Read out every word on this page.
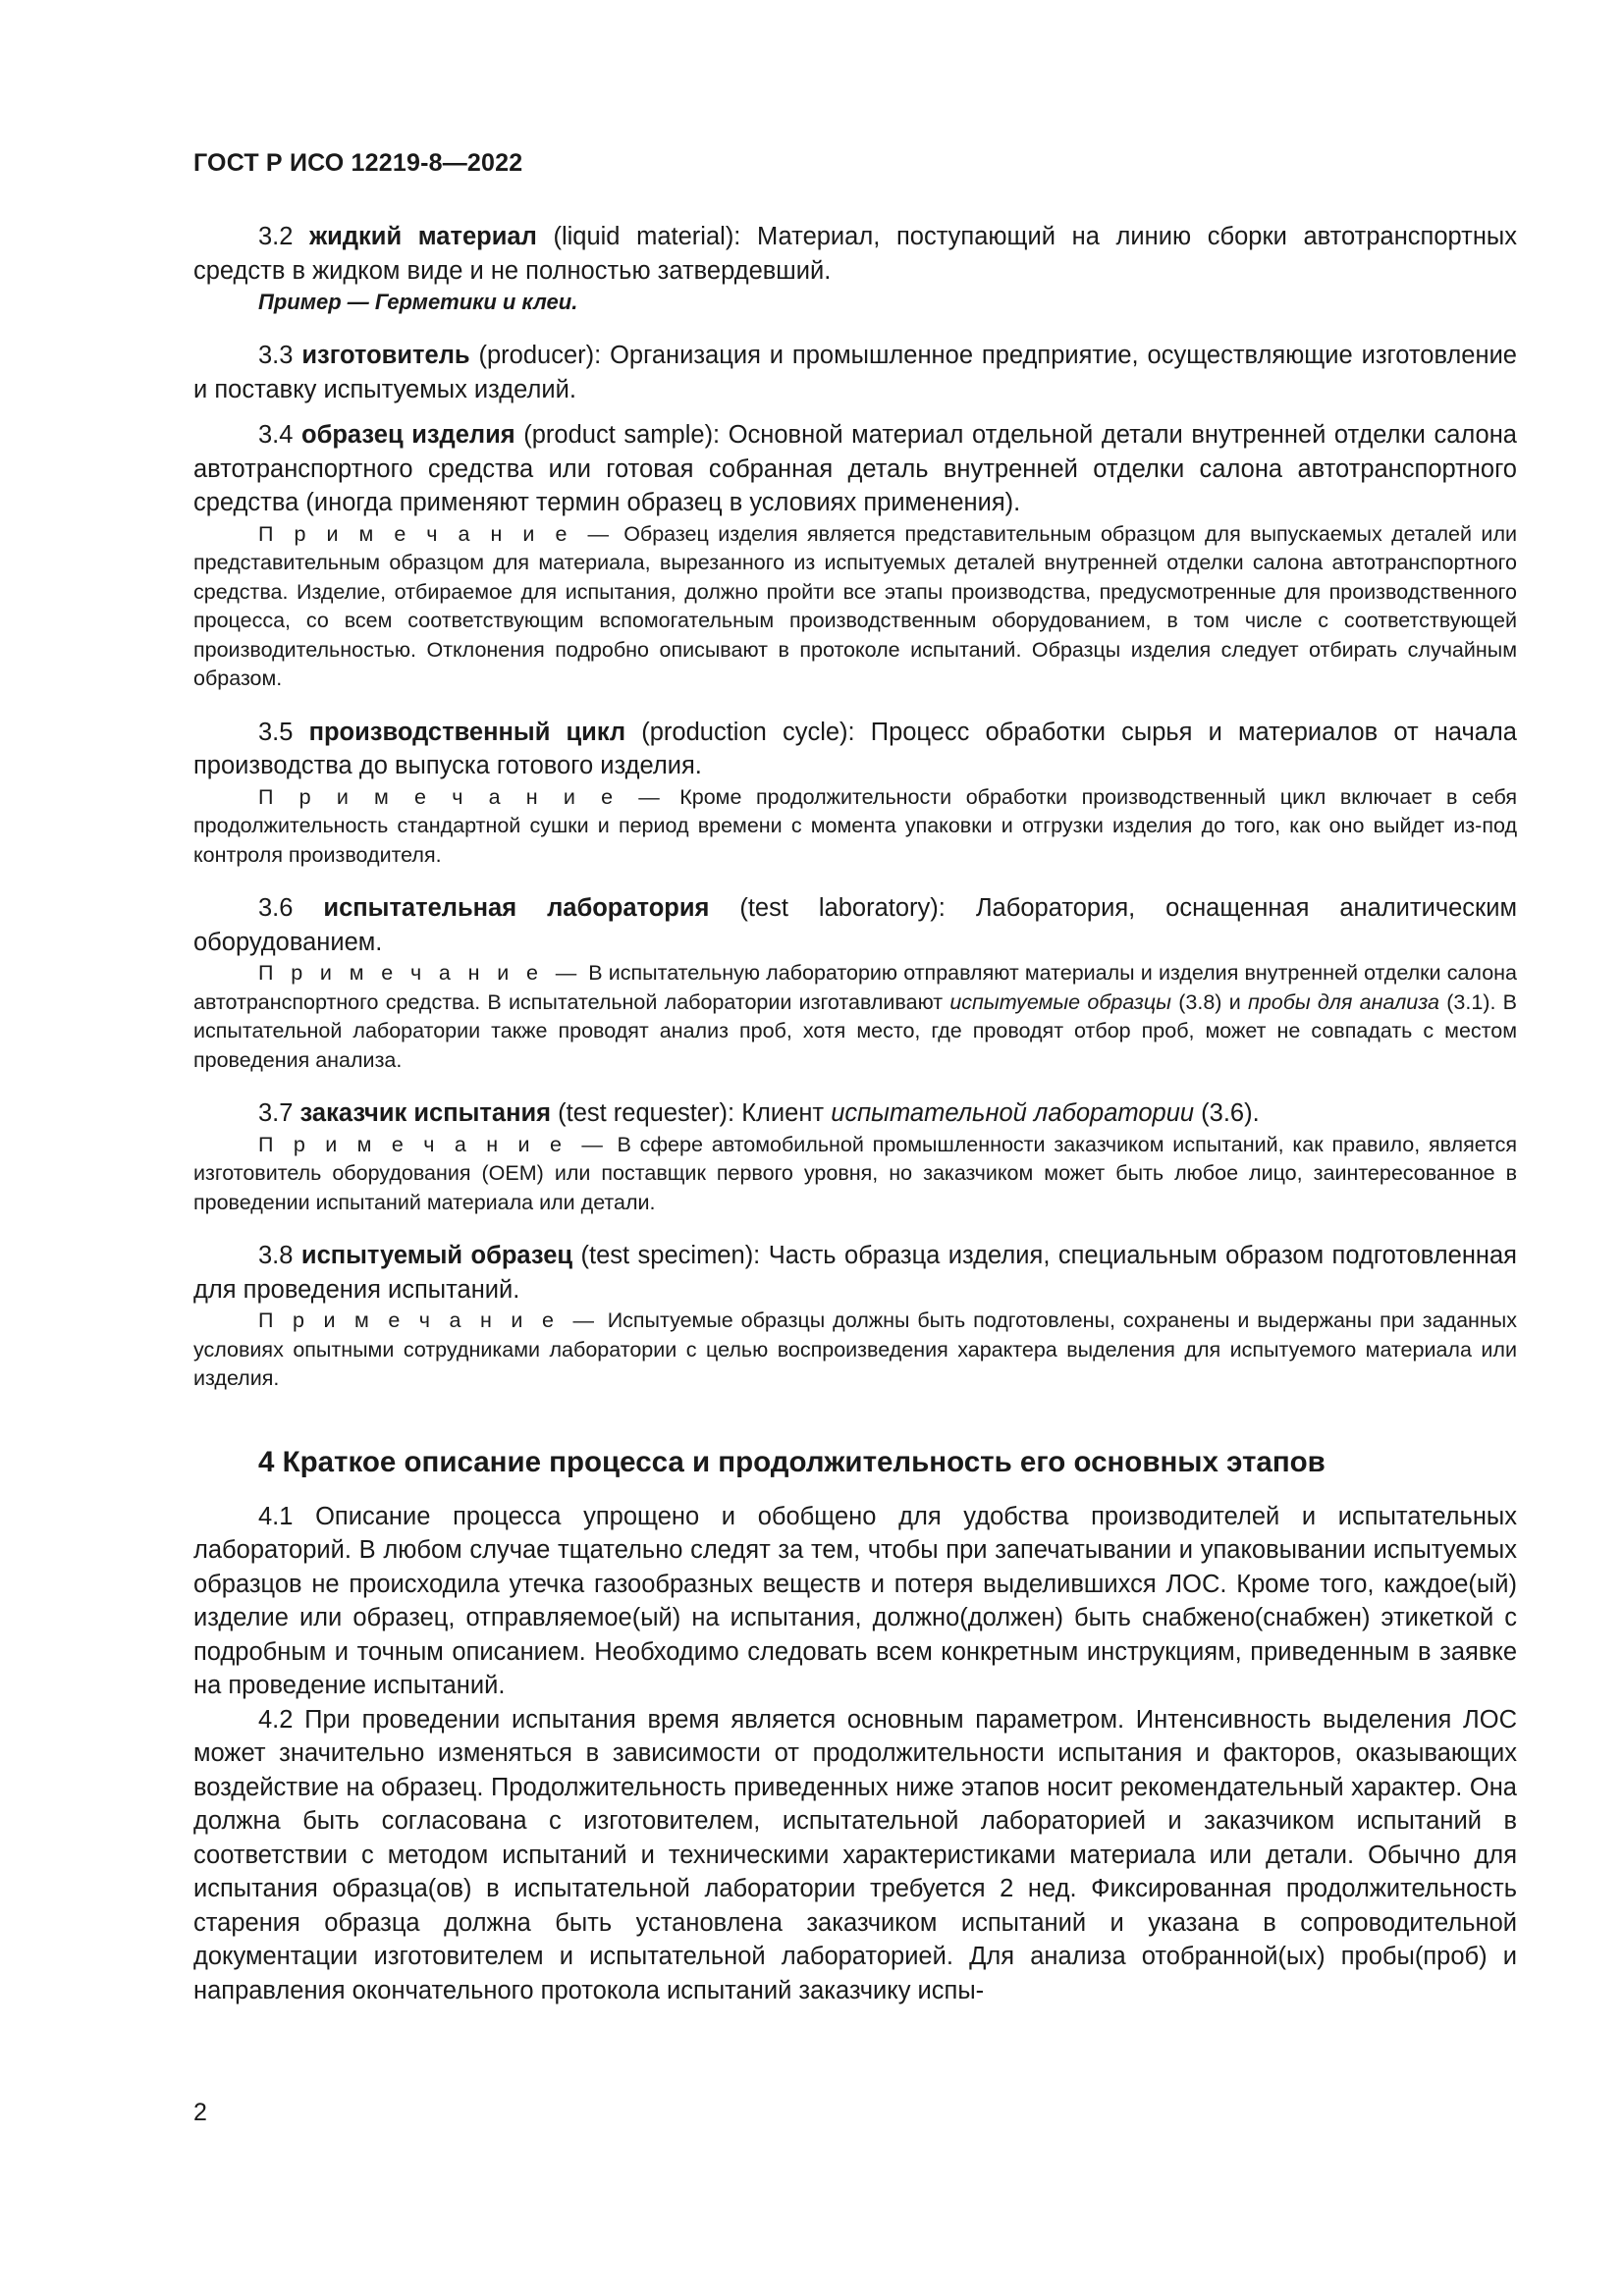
ГОСТ Р ИСО 12219-8—2022

3.2 жидкий материал (liquid material): Материал, поступающий на линию сборки автотранспортных средств в жидком виде и не полностью затвердевший.

Пример — Герметики и клеи.

3.3 изготовитель (producer): Организация и промышленное предприятие, осуществляющие изготовление и поставку испытуемых изделий.

3.4 образец изделия (product sample): Основной материал отдельной детали внутренней отделки салона автотранспортного средства или готовая собранная деталь внутренней отделки салона автотранспортного средства (иногда применяют термин образец в условиях применения).

П р и м е ч а н и е — Образец изделия является представительным образцом для выпускаемых деталей или представительным образцом для материала, вырезанного из испытуемых деталей внутренней отделки салона автотранспортного средства. Изделие, отбираемое для испытания, должно пройти все этапы производства, предусмотренные для производственного процесса, со всем соответствующим вспомогательным производственным оборудованием, в том числе с соответствующей производительностью. Отклонения подробно описывают в протоколе испытаний. Образцы изделия следует отбирать случайным образом.

3.5 производственный цикл (production cycle): Процесс обработки сырья и материалов от начала производства до выпуска готового изделия.

П р и м е ч а н и е — Кроме продолжительности обработки производственный цикл включает в себя продолжительность стандартной сушки и период времени с момента упаковки и отгрузки изделия до того, как оно выйдет из-под контроля производителя.

3.6 испытательная лаборатория (test laboratory): Лаборатория, оснащенная аналитическим оборудованием.

П р и м е ч а н и е — В испытательную лабораторию отправляют материалы и изделия внутренней отделки салона автотранспортного средства. В испытательной лаборатории изготавливают испытуемые образцы (3.8) и пробы для анализа (3.1). В испытательной лаборатории также проводят анализ проб, хотя место, где проводят отбор проб, может не совпадать с местом проведения анализа.

3.7 заказчик испытания (test requester): Клиент испытательной лаборатории (3.6).

П р и м е ч а н и е — В сфере автомобильной промышленности заказчиком испытаний, как правило, является изготовитель оборудования (OEM) или поставщик первого уровня, но заказчиком может быть любое лицо, заинтересованное в проведении испытаний материала или детали.

3.8 испытуемый образец (test specimen): Часть образца изделия, специальным образом подготовленная для проведения испытаний.

П р и м е ч а н и е — Испытуемые образцы должны быть подготовлены, сохранены и выдержаны при заданных условиях опытными сотрудниками лаборатории с целью воспроизведения характера выделения для испытуемого материала или изделия.

4 Краткое описание процесса и продолжительность его основных этапов

4.1 Описание процесса упрощено и обобщено для удобства производителей и испытательных лабораторий. В любом случае тщательно следят за тем, чтобы при запечатывании и упаковывании испытуемых образцов не происходила утечка газообразных веществ и потеря выделившихся ЛОС. Кроме того, каждое(ый) изделие или образец, отправляемое(ый) на испытания, должно(должен) быть снабжено(снабжен) этикеткой с подробным и точным описанием. Необходимо следовать всем конкретным инструкциям, приведенным в заявке на проведение испытаний.

4.2 При проведении испытания время является основным параметром. Интенсивность выделения ЛОС может значительно изменяться в зависимости от продолжительности испытания и факторов, оказывающих воздействие на образец. Продолжительность приведенных ниже этапов носит рекомендательный характер. Она должна быть согласована с изготовителем, испытательной лабораторией и заказчиком испытаний в соответствии с методом испытаний и техническими характеристиками материала или детали. Обычно для испытания образца(ов) в испытательной лаборатории требуется 2 нед. Фиксированная продолжительность старения образца должна быть установлена заказчиком испытаний и указана в сопроводительной документации изготовителем и испытательной лабораторией. Для анализа отобранной(ых) пробы(проб) и направления окончательного протокола испытаний заказчику испы-

2
